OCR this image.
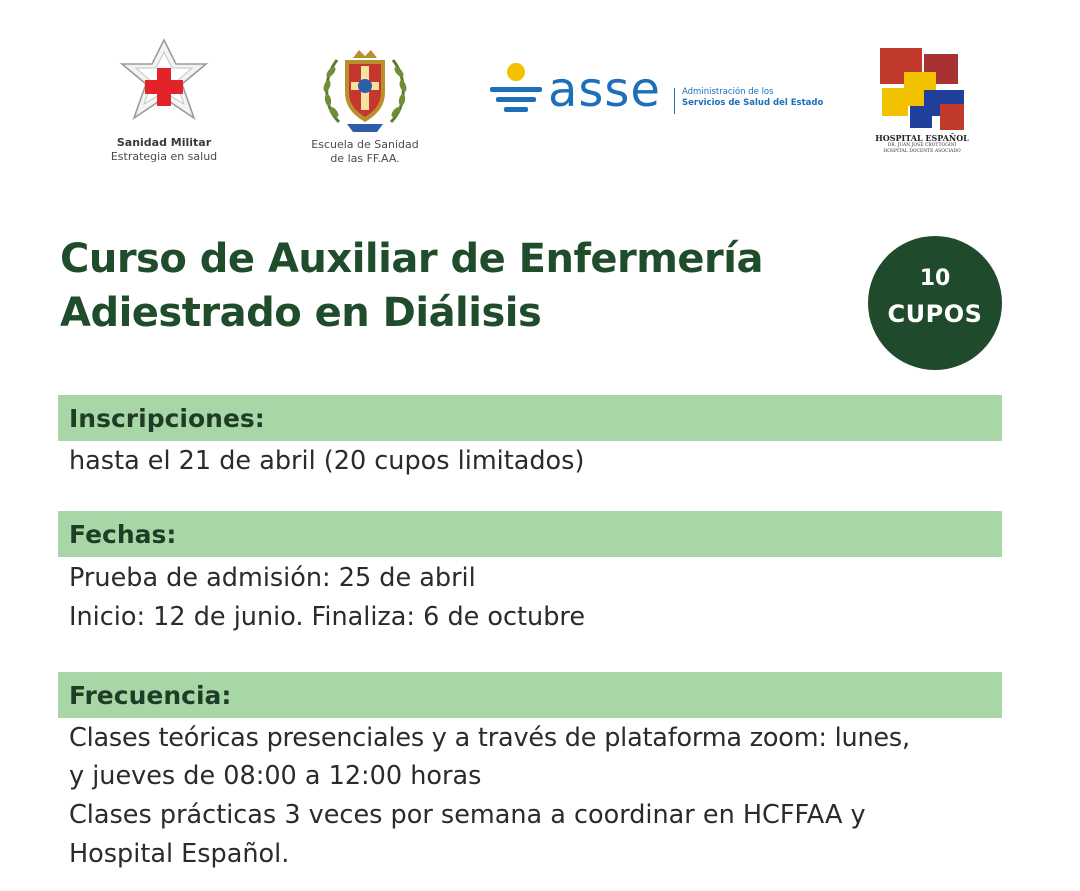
Sanidad Militar
Estrategia en salud
Escuela de Sanidad
de las FF.AA.
asse Administración de los
Servicios de Salud del Estado
HOSPITAL ESPAÑOL
DR. JUAN JOSÉ CROTTOGINI
HOSPITAL DOCENTE ASOCIADO
Curso de Auxiliar de Enfermería
Adiestrado en Diálisis
10
CUPOS
Inscripciones:
hasta el 21 de abril (20 cupos limitados)
Fechas:
Prueba de admisión: 25 de abril
Inicio: 12 de junio. Finaliza: 6 de octubre
Frecuencia:
Clases teóricas presenciales y a través de plataforma zoom: lunes,
y jueves de 08:00 a 12:00 horas
Clases prácticas 3 veces por semana a coordinar en HCFFAA y
Hospital Español.
